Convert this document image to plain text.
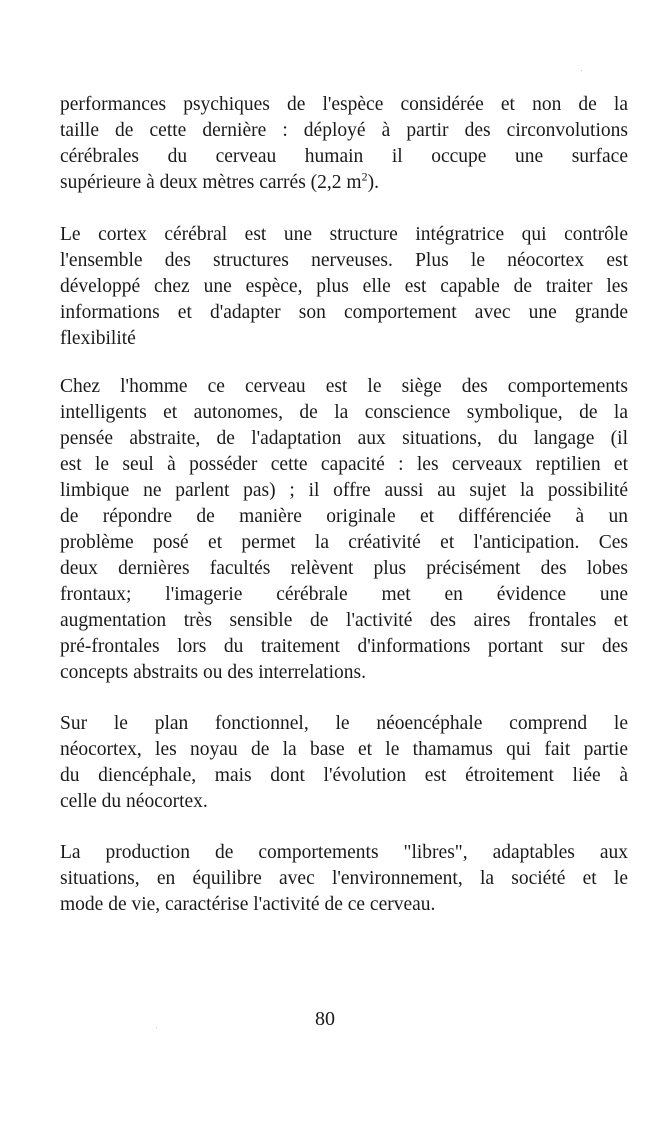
performances psychiques de l'espèce considérée et non de la
taille de cette dernière : déployé à partir des circonvolutions
cérébrales du cerveau humain il occupe une surface
supérieure à deux mètres carrés (2,2 $m^2$).
Le cortex cérébral est une structure intégratrice qui contrôle
l'ensemble des structures nerveuses. Plus le néocortex est
développé chez une espèce, plus elle est capable de traiter les
informations et d'adapter son comportement avec une grande
flexibilité
Chez l'homme ce cerveau est le siège des comportements
intelligents et autonomes, de la conscience symbolique, de la
pensée abstraite, de l'adaptation aux situations, du langage (il
est le seul à posséder cette capacité : les cerveaux reptilien et
limbique ne parlent pas) ; il offre aussi au sujet la possibilité
de répondre de manière originale et différenciée à un
problème posé et permet la créativité et l'anticipation. Ces
deux dernières facultés relèvent plus précisément des lobes
frontaux; l'imagerie cérébrale met en évidence une
augmentation très sensible de l'activité des aires frontales et
pré-frontales lors du traitement d'informations portant sur des
concepts abstraits ou des interrelations.
Sur le plan fonctionnel, le néoencéphale comprend le
néocortex, les noyau de la base et le thamamus qui fait partie
du diencéphale, mais dont l'évolution est étroitement liée à
celle du néocortex.
La production de comportements "libres", adaptables aux
situations, en équilibre avec l'environnement, la société et le
mode de vie, caractérise l'activité de ce cerveau.
80
